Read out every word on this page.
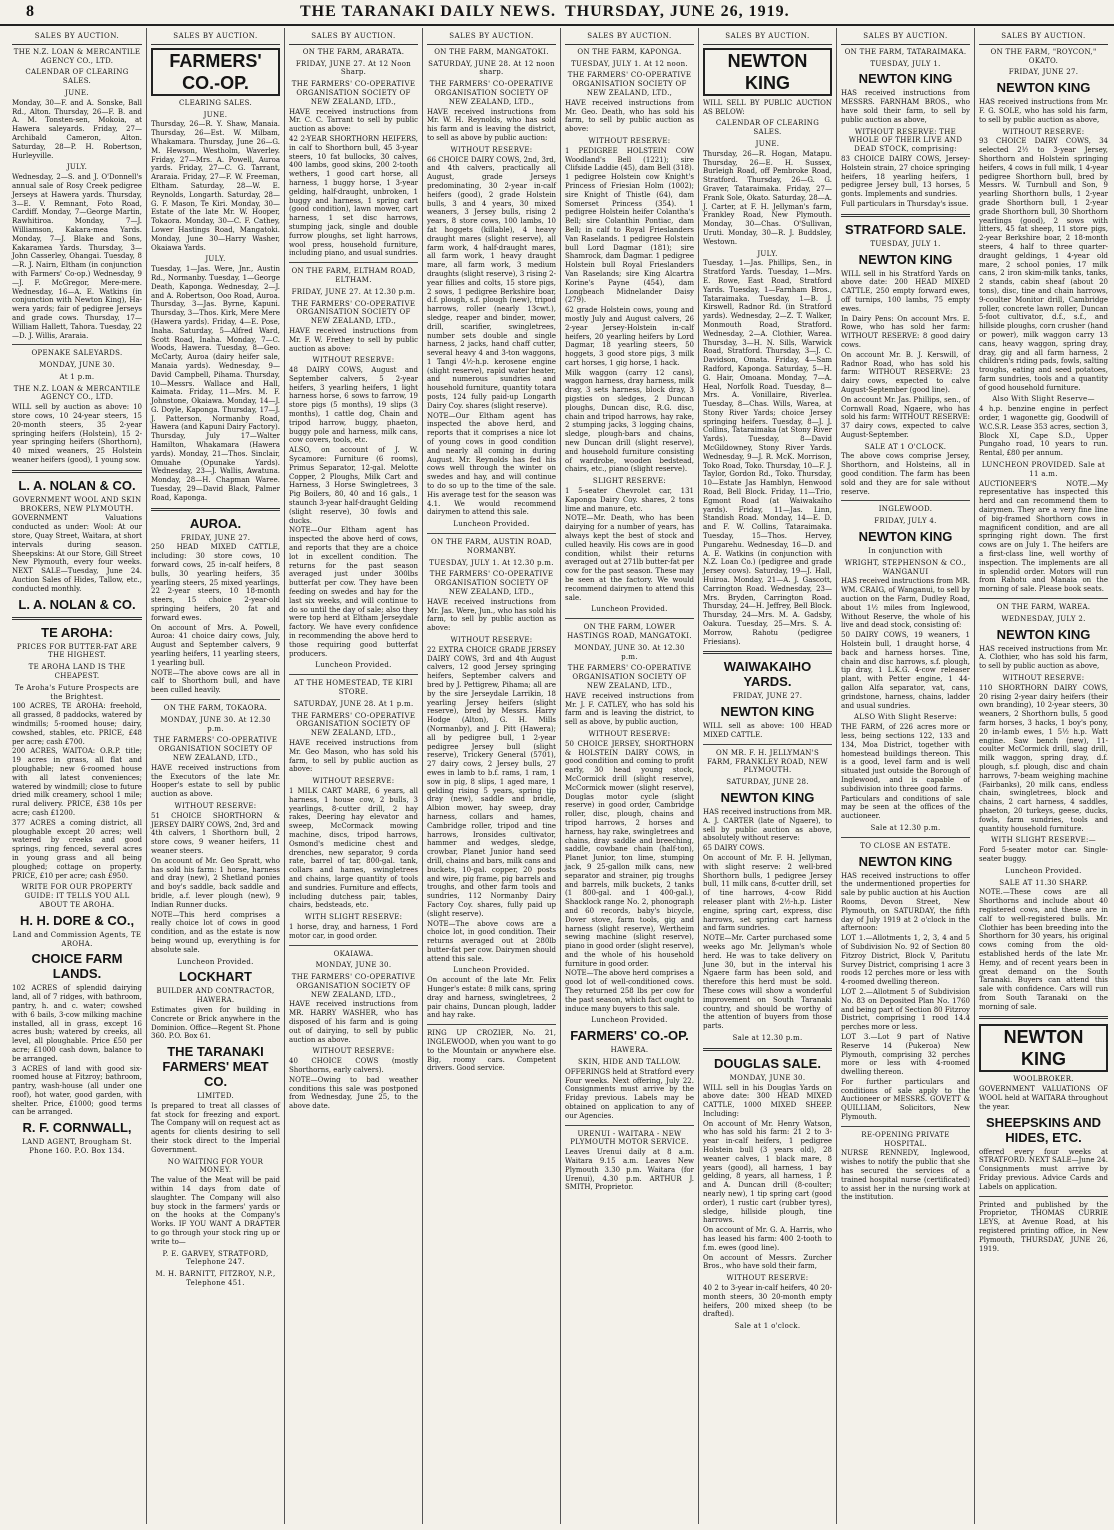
8	THE TARANAKI DAILY NEWS. THURSDAY, JUNE 26, 1919.
SALES BY AUCTION.
THE N.Z. LOAN & MERCANTILE AGENCY CO., LTD.
CALENDAR OF CLEARING SALES.
JUNE.

Monday, 30—F. and A. Sonske, Ball Rd., Alton. Thursday, 26—F. B. and A. M. Tonsten-sen, Mokoia, at Hawera saleyards. Friday, 27—Archibald Cameron, Alton. Saturday, 28—P. H. Robertson, Hurleyville.

JULY.

Wednesday, 2—S. and J. O'Donnell's annual sale of Rosy Creek pedigree Jerseys at Hawera yards. Thursday, 3—E. V. Remnant, Foto Road, Cardiff. Monday, 7—George Martin, Rawhitiroa. Monday, 7—J. Williamson, Kakara-mea Yards. Monday, 7—J. Blake and Sons, Kakaramea Yards. Thursday, 3—John Casserley, Ohangai. Tuesday, 8—R. J. Nairn, Eltham (in conjunction with Farmers' Co-op.) Wednesday, 9—J. F. McGregor, Mere-mere. Wednesday, 16—A. E. Watkins (in conjunction with Newton King), Ha-wera yards; fair of pedigree Jerseys and grade cows. Thursday, 17—William Hallett, Tahora. Tuesday, 22—D. J. Willis, Araraia.

OPENAKE SALEYARDS.
MONDAY, JUNE 30.
At 1 p.m.
THE N.Z. LOAN & MERCANTILE AGENCY CO., LTD.

WILL sell by auction as above: 10 store cows, 10 24-year steers, 15 20-month steers, 35 2-year springing heifers (Holstein), 15 2-year springing heifers (Shorthorn), 40 mixed weaners, 25 Holstein weaner heifers (good), 1 young sow.

L. A. NOLAN & CO.
GOVERNMENT WOOL AND SKIN BROKERS, NEW PLYMOUTH.

GOVERNMENT Valuations conducted as under: Wool: At our store, Quay Street, Waitara, at short intervals during season. Sheepskins: At our Store, Gill Street New Plymouth, every four weeks. NEXT SALE—Tuesday, June 24. Auction Sales of Hides, Tallow, etc., conducted monthly.

L. A. NOLAN & CO.
TE AROHA:
PRICES FOR BUTTER-FAT ARE THE HIGHEST.
TE AROHA LAND IS THE CHEAPEST.
Te Aroha's Future Prospects are the Brightest.

100 ACRES, TE AROHA: freehold, all grassed, 8 paddocks, watered by windmills; 5-roomed house; dairy, cowshed, stables, etc. PRICE, £48 per acre; cash £700.

200 ACRES, WAITOA: O.R.P. title; 19 acres in grass, all flat and ploughable; new 6-roomed house with all latest conveniences; watered by windmill; close to future dried milk creamery, school 1 mile; rural delivery. PRICE, £38 10s per acre; cash £1200.

377 ACRES a coming district, all ploughable except 20 acres; well watered by creeks and good springs, ring fenced, several acres in young grass and all being ploughed; cottage on property. PRICE, £10 per acre; cash £950.

WRITE FOR OUR PROPERTY GUIDE: IT TELLS YOU ALL ABOUT TE AROHA.
H. H. DORE & CO.,
Land and Commission Agents, TE AROHA.
CHOICE FARM LANDS.

102 ACRES of splendid dairying land, all of 7 ridges, with bathroom, pantry, h. and c. water; cowshed with 6 bails, 3-cow milking machine installed, all in grass, except 16 acres bush; watered by creeks, all level, all ploughable. Price £50 per acre; £1000 cash down, balance to be arranged.

3 ACRES of land with good six-roomed house at Fitzroy; bathroom, pantry, wash-house (all under one roof), hot water, good garden, with shelter. Price, £1000; good terms can be arranged.

R. F. CORNWALL,
LAND AGENT, Brougham St. Phone 160. P.O. Box 134.
SALES BY AUCTION.
FARMERS' CO.-OP.
CLEARING SALES.
JUNE.

Thursday, 26—R. Y. Shaw, Manaia. Thursday, 26—Est. W. Milbam, Whakamara. Thursday, June 26—G. M. Hewson, Westholm, Waverley. Friday, 27—Mrs. A. Powell, Auroa yards. Friday, 27—C. G. Tarrant, Araraia. Friday, 27—F. W. Freeman, Eltham. Saturday, 28—W. E. Reynolds, Longarth. Saturday, 28—G. F. Mason, Te Kiri. Monday, 30—Estate of the late Mr. W. Hooper, Tokaora. Monday, 30—C. F. Cathey, Lower Hastings Road, Mangatoki. Monday, June 30—Harry Washer, Okaiawa Yards.

JULY.

Tuesday, 1—Jas. Were, Jnr., Austin Rd., Normanby. Tuesday, 1—George Death, Kaponga. Wednesday, 2—J. and A. Robertson, Ooo Road, Auroa. Thursday, 3—Jas. Byrne, Kapuni. Thursday, 3—Thos. Kirk, Mere Mere (Hawera yards). Friday, 4—E. Pose, Inaha. Saturday, 5—Alfred Ward, Scott Road, Inaha. Monday, 7—C. Woods, Hawera. Tuesday, 8—Geo. McCarty, Auroa (dairy heifer sale, Manaia yards). Wednesday, 9—David Campbell, Pihama. Thursday, 10—Messrs. Wallace and Hall, Kaimata. Friday, 11—Mrs. M. F. Johnstone, Okaiawa. Monday, 14—J. G. Doyle, Kaponga. Thursday, 17—J. J. Patterson, Normanby Road, Hawera (and Kapuni Dairy Factory). Thursday, July 17—Walter Hamilton, Whakamara (Hawera yards). Monday, 21—Thos. Sinclair, Omuahe (Opunake Yards). Wednesday, 23—J. Wallis, Awatuna. Monday, 28—H. Chapman Waree. Tuesday, 29—David Black, Palmer Road, Kaponga.

AUROA.
FRIDAY, JUNE 27.

250 HEAD MIXED CATTLE, including: 30 store cows, 10 forward cows, 25 in-calf heifers, 8 bulls, 30 yearling heifers, 35 yearling steers, 25 mixed yearlings, 22 2-year steers, 10 18-month steers, 15 choice 2-year-old springing heifers, 20 fat and forward ewes.

On account of Mrs. A. Powell, Auroa: 41 choice dairy cows, July, August and September calvers, 9 yearling heifers, 11 yearling steers, 1 yearling bull.

NOTE—The above cows are all in calf to Shorthorn bull, and have been culled heavily.

ON THE FARM, TOKAORA.
MONDAY, JUNE 30. At 12.30 p.m.
THE FARMERS' CO-OPERATIVE ORGANISATION SOCIETY OF NEW ZEALAND, LTD.,

HAVE received instructions from the Executors of the late Mr. Hooper's estate to sell by public auction as above.

WITHOUT RESERVE:

51 CHOICE SHORTHORN & JERSEY DAIRY COWS, 2nd, 3rd and 4th calvers, 1 Shorthorn bull, 2 store cows, 9 weaner heifers, 11 weaner steers.

On account of Mr. Geo Spratt, who has sold his farm: 1 horse, harness and dray (new), 2 Shetland ponies and boy's saddle, back saddle and bridle, a.f. lever plough (new), 9 Indian Runner ducks.

NOTE—This herd comprises a really choice lot of cows in good condition, and as the estate is now being wound up, everything is for absolute sale.

Luncheon Provided.
LOCKHART
BUILDER AND CONTRACTOR, HAWERA.

Estimates given for building in Concrete or Brick anywhere in the Dominion. Office—Regent St. Phone 360. P.O. Box 61.

THE TARANAKI FARMERS' MEAT CO.
LIMITED.

Is prepared to treat all classes of fat stock for freezing and export. The Company will on request act as agents for clients desiring to sell their stock direct to the Imperial Government.

NO WAITING FOR YOUR MONEY.

The value of the Meat will be paid within 14 days from date of slaughter. The Company will also buy stock in the farmers' yards or on the hooks at the Company's Works. IF YOU WANT A DRAFTER to go through your stock ring up or write to—

P. E. GARVEY, STRATFORD, Telephone 247.
M. H. BARNITT, FITZROY, N.P., Telephone 451.
SALES BY AUCTION.
ON THE FARM, ARARATA.
FRIDAY, JUNE 27. At 12 Noon Sharp.
THE FARMERS' CO-OPERATIVE ORGANISATION SOCIETY OF NEW ZEALAND, LTD.,

HAVE received instructions from Mr. C. C. Tarrant to sell by public auction as above:

42 2-YEAR SHORTHORN HEIFERS, in calf to Shorthorn bull, 45 3-year steers, 10 fat bullocks, 30 calves, 400 lambs, good skins, 200 2-tooth wethers, 1 good cart horse, all harness, 1 buggy horse, 1 3-year gelding, half-draught, unbroken, 1 buggy and harness, 1 spring cart (good condition), lawn mower, cart harness, 1 set disc harrows, stumping jack, single and double furrow ploughs, set light harrows, wool press, household furniture, including piano, and usual sundries.

ON THE FARM, ELTHAM ROAD, ELTHAM.
FRIDAY, JUNE 27. At 12.30 p.m.
THE FARMERS' CO-OPERATIVE ORGANISATION SOCIETY OF NEW ZEALAND, LTD.,

HAVE received instructions from Mr. F. W. Frethey to sell by public auction as above:

WITHOUT RESERVE:

48 DAIRY COWS, August and September calvers, 5 2-year heifers, 3 yearling heifers, 1 light harness horse, 6 sows to farrow, 19 store pigs (5 months), 19 slips (3 months), 1 cattle dog, Chain and tripod harrow, buggy, phaeton, buggy pole and harness, milk cans, cow covers, tools, etc.

ALSO, on account of J. W. Sycamore: Furniture (6 rooms), Primus Separator, 12-gal. Melotte Copper, 2 Ploughs, Milk Cart and Harness, 3 Horse Swingletrees, 3 Pig Boilers, 80, 40 and 16 gals., 1 staunch 3-year half-draught Gelding (slight reserve), 30 fowls and ducks.

NOTE—Our Eltham agent has inspected the above herd of cows, and reports that they are a choice lot in excellent condition. The returns for the past season averaged just under 300lbs butterfat per cow. They have been feeding on swedes and hay for the last six weeks, and will continue to do so until the day of sale; also they were top herd at Eltham Jerseydale factory. We have every confidence in recommending the above herd to those requiring good butterfat producers.

Luncheon Provided.
AT THE HOMESTEAD, TE KIRI STORE.
SATURDAY, JUNE 28. At 1 p.m.
THE FARMERS' CO-OPERATIVE ORGANISATION SOCIETY OF NEW ZEALAND, LTD.,

HAVE received instructions from Mr. Geo Mason, who has sold his farm, to sell by public auction as above:

WITHOUT RESERVE:

1 MILK CART MARE, 6 years, all harness, 1 house cow, 2 bulls, 3 yearlings, 8-cutter drill, 2 hay rakes, Deering hay elevator and sweep, McCormack mowing machine, discs, tripod harrows, Osmond's medicine chest and drenches, new separator, 9 corda rate, barrel of tar, 800-gal. tank, collars and hames, swingletrees and chains, large quantity of tools and sundries. Furniture and effects, including dutchess pair, tables, chairs, bedsteads, etc.

WITH SLIGHT RESERVE:

1 horse, dray, and harness, 1 Ford motor car, in good order.

OKAIAWA.
MONDAY, JUNE 30.
THE FARMERS' CO-OPERATIVE ORGANISATION SOCIETY OF NEW ZEALAND, LTD.,

HAVE received instructions from MR. HARRY WASHER, who has disposed of his farm and is going out of dairying, to sell by public auction as above.

WITHOUT RESERVE:

40 CHOICE COWS (mostly Shorthorns, early calvers).

NOTE—Owing to bad weather conditions this sale was postponed from Wednesday, June 25, to the above date.

SALES BY AUCTION.
ON THE FARM, MANGATOKI.
SATURDAY, JUNE 28. At 12 noon sharp.
THE FARMERS' CO-OPERATIVE ORGANISATION SOCIETY OF NEW ZEALAND, LTD.,

HAVE received instructions from Mr. W. H. Reynolds, who has sold his farm and is leaving the district, to sell as above by public auction:

WITHOUT RESERVE:

66 CHOICE DAIRY COWS, 2nd, 3rd, and 4th calvers, practically all August, grade Jerseys predominating, 30 2-year in-calf heifers (good), 2 grade Holstein bulls, 3 and 4 years, 30 mixed weaners, 3 Jersey bulls, rising 2 years, 8 store cows, 100 lambs, 10 fat hoggets (killable), 4 heavy draught mares (slight reserve), all farm work, 4 half-draught mares, all farm work, 1 heavy draught mare, all farm work, 3 medium draughts (slight reserve), 3 rising 2-year fillies and colts, 15 store pigs, 2 sows, 1 pedigree Berkshire boar, d.f. plough, s.f. plough (new), tripod harrows, roller (nearly 13cwt.), sledge, reaper and binder, mower, drill, scarifier, swingletrees, number sets double and single harness, 2 jacks, hand chaff cutter, several heavy 4 and 3-ton waggons, 1 Tangi 4½-h.p. kerosene engine (slight reserve), rapid water heater, and numerous sundries and household furniture, quantity totara posts, 124 fully paid-up Longarth Dairy Coy. shares (slight reserve).

NOTE—Our Eltham agent has inspected the above herd, and reports that it comprises a nice lot of young cows in good condition and nearly all coming in during August. Mr. Reynolds has fed his cows well through the winter on swedes and hay, and will continue to do so up to the time of the sale. His average test for the season was 4.1. We would recommend dairymen to attend this sale.

Luncheon Provided.
ON THE FARM, AUSTIN ROAD, NORMANBY.
TUESDAY, JULY 1. At 12.30 p.m.
THE FARMERS' CO-OPERATIVE ORGANISATION SOCIETY OF NEW ZEALAND, LTD.,

HAVE received instructions from Mr. Jas. Were, Jun., who has sold his farm, to sell by public auction as above:

WITHOUT RESERVE:

22 EXTRA CHOICE GRADE JERSEY DAIRY COWS, 3rd and 4th August calvers, 12 good Jersey springing heifers, September calvers and bred by J. Pettigrew, Pihama; all are by the sire Jerseydale Larrikin, 18 yearling Jersey heifers (slight reserve), bred by Messrs. Harry Hodge (Alton), G. H. Mills (Normanby), and J. Pitt (Hawera); all by pedigree bull, 1 2-year pedigree Jersey bull (slight reserve), Trickery General (5701), 27 dairy cows, 2 Jersey bulls, 27 ewes in lamb to b.f. rams, 1 ram, 1 sow in pig, 8 slips, 1 aged mare, 1 gelding rising 5 years, spring tip dray (new), saddle and bridle, Albion mower, hay sweep, dray harness, collars and hames, Cambridge roller, tripod and tine harrows, Ironsides cultivator, hammer and wedges, sledge, crowbar, Planet Junior hand seed drill, chains and bars, milk cans and buckets, 10-gal. copper, 20 posts and wire, pig frame, pig barrels and troughs, and other farm tools and sundries, 112 Normanby Dairy Factory Coy. shares, fully paid up (slight reserve).

NOTE—The above cows are a choice lot, in good condition. Their returns averaged out at 280lb butter-fat per cow. Dairymen should attend this sale.

Luncheon Provided.

On account of the late Mr. Felix Hunger's estate: 8 milk cans, spring dray and harness, swingletrees, 2 pair chains, Duncan plough, ladder and hay rake.

RING UP CROZIER, No. 21, INGLEWOOD, when you want to go to the Mountain or anywhere else. Big, roomy cars. Competent drivers. Good service.

SALES BY AUCTION.
ON THE FARM, KAPONGA.
TUESDAY, JULY 1. At 12 noon.
THE FARMERS' CO-OPERATIVE ORGANISATION SOCIETY OF NEW ZEALAND, LTD.,

HAVE received instructions from Mr. Geo. Death, who has sold his farm, to sell by public auction as above:

WITHOUT RESERVE:

1 PEDIGREE HOLSTEIN COW Woodland's Bell (1221); sire Clifside Laddie (45), dam Bell (318). 1 pedigree Holstein cow Knight's Princess of Friesian Holm (1002); sire Knight of Thistle (64), dam Somerset Princess (354). 1 pedigree Holstein heifer Colantha's Bell; sire Colanthin Pontiac, dam Bell; in calf to Royal Frieslanders Van Raselands. 1 pedigree Holstein bull Lord Dagmar (181); sire Shamrock, dam Dagmar. 1 pedigree Holstein bull Royal Frieslanders Van Raselands; sire King Alcartra Korine's Payne (454), dam Longbeach Midnelander Daisy (279).

62 grade Holstein cows, young and mostly July and August calvers, 26 2-year Jersey-Holstein in-calf heifers, 20 yearling heifers by Lord Dagmar, 18 yearling steers, 50 hoggets, 3 good store pigs, 3 milk cart horses, 1 gig horse, 1 hack.

Milk waggon (carry 12 cans), waggon harness, dray harness, milk dray, 3 sets harness, block dray, 3 pigsties on sledges, 2 Duncan ploughs, Duncan disc, R.G. disc, chain and tripod harrows, hay rake, 2 stumping jacks, 3 logging chains, sledge, plough-bars and chains, new Duncan drill (slight reserve), and household furniture consisting of wardrobe, wooden bedstead, chairs, etc., piano (slight reserve).

SLIGHT RESERVE:

1 5-seater Chevrolet car, 131 Kaponga Dairy Coy. shares, 2 tons lime and manure, etc.

NOTE—Mr. Death, who has been dairying for a number of years, has always kept the best of stock and culled heavily. His cows are in good condition, whilst their returns averaged out at 271lb butter-fat per cow for the past season. These may be seen at the factory. We would recommend dairymen to attend this sale.

Luncheon Provided.
ON THE FARM, LOWER HASTINGS ROAD, MANGATOKI.
MONDAY, JUNE 30. At 12.30 p.m.
THE FARMERS' CO-OPERATIVE ORGANISATION SOCIETY OF NEW ZEALAND, LTD.,

HAVE received instructions from Mr. J. F. CATLEY, who has sold his farm and is leaving the district, to sell as above, by public auction,

WITHOUT RESERVE:

50 CHOICE JERSEY, SHORTHORN & HOLSTEIN DAIRY COWS, in good condition and coming to profit early, 30 head young stock, McCormick drill (slight reserve), McCormick mower (slight reserve), Douglas motor cycle (slight reserve) in good order, Cambridge roller, disc, plough, chains and tripod harrows, 2 horses and harness, hay rake, swingletrees and chains, dray saddle and breeching, saddle, cowbane chain (half-ton), Planet Junior, ton lime, stumping jack, 9 25-gallon milk cans, new separator and strainer, pig troughs and barrels, milk buckets, 2 tanks (1 800-gal. and 1 400-gal.), Shacklock range No. 2, phonograph and 60 records, baby's bicycle, Dover stove, farm tools, gig and harness (slight reserve), Wertheim sewing machine (slight reserve), piano in good order (slight reserve), and the whole of his household furniture in good order.

NOTE—The above herd comprises a good lot of well-conditioned cows. They returned 258 lbs per cow for the past season, which fact ought to induce many buyers to this sale.

Luncheon Provided.
FARMERS' CO.-OP.
HAWERA.
SKIN, HIDE AND TALLOW.

OFFERINGS held at Stratford every Four weeks. Next offering, July 22. Consignments must arrive by the Friday previous. Labels may be obtained on application to any of our Agencies.

URENUI - WAITARA - NEW PLYMOUTH MOTOR SERVICE.

Leaves Urenui daily at 8 a.m. Waitara 9.15 a.m. Leaves New Plymouth 3.30 p.m. Waitara (for Urenui), 4.30 p.m. ARTHUR J. SMITH, Proprietor.

SALES BY AUCTION.
NEWTON KING

WILL SELL BY PUBLIC AUCTION AS BELOW:

CALENDAR OF CLEARING SALES.
JUNE.

Thursday, 26—R. Hogan, Matapu. Thursday, 26—E. H. Sussex, Burleigh Road, off Pembroke Road, Stratford. Thursday, 26—G. G. Graver, Tataraimaka. Friday, 27—Frank Sole, Okato. Saturday, 28—A. J. Carter, at F. H. Jellyman's farm, Frankley Road, New Plymouth. Monday, 30—Chas. O'Sullivan, Uruti. Monday, 30—R. J. Buddsley, Westown.

JULY.

Tuesday, 1—Jas. Phillips, Sen., in Stratford Yards. Tuesday, 1—Mrs. E. Rowe, East Road, Stratford Yards. Tuesday, 1—Farnham Bros., Tataraimaka. Tuesday, 1—B. J. Kirswell, Radnor Rd. (in Stratford yards). Wednesday, 2—Z. T. Walker, Monmouth Road, Stratford. Wednesday, 2—A. Clothier, Warea. Thursday, 3—H. N. Sills, Warwick Road, Stratford. Thursday, 3—J. C. Davidson, Omata. Friday, 4—Sam Radford, Kaponga. Saturday, 5—H. G. Hair, Omoana. Monday, 7—A. Heal, Norfolk Road. Tuesday, 8—Mrs. A. Vonillaire, Riverlea. Tuesday, 8—Chas. Wills, Warea, at Stony River Yards; choice Jersey springing heifers. Tuesday, 8—J. J. Collins, Tataraimaka (at Stony River Yards). Tuesday, 8—David McGildowney, Stony River Yards. Wednesday, 9—J. R. McK. Morrison, Toko Road, Toko. Thursday, 10—F. J. Taylor, Gordon Rd., Toko. Thursday, 10—Estate Jas Hamblyn, Henwood Road, Bell Block. Friday, 11—Trio, Egmont Road (at Waiwakaiho yards). Friday, 11—Jas. Linn, Standish Road. Monday, 14—E. D. and F. W. Collins, Tataraimaka. Tuesday, 15—Thos. Hervey, Pungarehu. Wednesday, 16—D. and A. E. Watkins (in conjunction with N.Z. Loan Co.) (pedigree and grade Jersey cows). Saturday, 19—J. Hall, Huiroa. Monday, 21—A. J. Gascott, Carrington Road. Wednesday, 23—Mrs. Bryden, Carrington Road. Thursday, 24—H. Jeffrey, Bell Block. Thursday, 24—Mrs. M. A. Gadsby, Oakura. Tuesday, 25—Mrs. S. A. Morrow, Rahotu (pedigree Friesians).

WAIWAKAIHO YARDS.
FRIDAY, JUNE 27.
NEWTON KING

WILL sell as above: 100 HEAD MIXED CATTLE.

ON MR. F. H. JELLYMAN'S FARM, FRANKLEY ROAD, NEW PLYMOUTH.
SATURDAY, JUNE 28.
NEWTON KING

HAS received instructions from MR. A. J. CARTER (late of Ngaere), to sell by public auction as above, absolutely without reserve:

65 DAIRY COWS.

On account of Mr. F. H. Jellyman, with slight reserve: 2 well-bred Shorthorn bulls, 1 pedigree Jersey bull, 11 milk cans, 8-cutter drill, set of tine harrows, 4-cow Ridd releaser plant with 2½-h.p. Lister engine, spring cart, express, disc harrows, set spring cart harness and farm sundries.

NOTE—Mr. Carter purchased some weeks ago Mr. Jellyman's whole herd. He was to take delivery on June 30, but in the interval his Ngaere farm has been sold, and therefore this herd must be sold. These cows will show a wonderful improvement on South Taranaki country, and should be worthy of the attention of buyers from those parts.

Sale at 12.30 p.m.
DOUGLAS SALE.
MONDAY, JUNE 30.

WILL sell in his Douglas Yards on above date: 300 HEAD MIXED CATTLE, 1000 MIXED SHEEP. Including:

On account of Mr. Henry Watson, who has sold his farm: 21 2 to 3-year in-calf heifers, 1 pedigree Holstein bull (3 years old), 28 weaner calves, 1 black mare, 8 years (good), all harness, 1 bay gelding, 8 years, all harness, 1 P. and A. Duncan drill (8-coulter; nearly new), 1 tip spring cart (good order), 1 rustic cart (rubber tyres), sledge, hillside plough, tine harrows.

On account of Mr. G. A. Harris, who has leased his farm: 400 2-tooth to f.m. ewes (good line).

On account of Messrs. Zurcher Bros., who have sold their farm,

WITHOUT RESERVE:

40 2 to 3-year in-calf heifers, 40 20-month steers, 30 20-month empty heifers, 200 mixed sheep (to be drafted).

Sale at 1 o'clock.
SALES BY AUCTION.
ON THE FARM, TATARAIMAKA.
TUESDAY, JULY 1.
NEWTON KING

HAS received instructions from MESSRS. FARNHAM BROS., who have sold their farm, to sell by public auction as above,

WITHOUT RESERVE: THE WHOLE OF THEIR LIVE AND DEAD STOCK, comprising:

83 CHOICE DAIRY COWS, Jersey-Holstein strain, 27 choice springing heifers, 18 yearling heifers, 1 pedigree Jersey bull, 13 horses, 5 gonts. Implements and sundries.

Full particulars in Thursday's issue.

STRATFORD SALE.
TUESDAY, JULY 1.
NEWTON KING

WILL sell in his Stratford Yards on above date: 200 HEAD MIXED CATTLE, 250 empty forward ewes, off turnips, 100 lambs, 75 empty ewes.

In Dairy Pens: On account Mrs. E. Rowe, who has sold her farm: WITHOUT RESERVE: 8 good dairy cows.

On account Mr. B. J. Kerswill, of Radnor Road, who has sold his farm: WITHOUT RESERVE: 23 dairy cows, expected to calve August-September (good line).

On account Mr. Jas. Phillips, sen., of Cornwall Road, Ngaere, who has sold his farm: WITHOUT RESERVE: 37 dairy cows, expected to calve August-September.

SALE AT 1 O'CLOCK.

The above cows comprise Jersey, Shorthorn, and Holsteins, all in good condition. The farm has been sold and they are for sale without reserve.

INGLEWOOD.
FRIDAY, JULY 4.
NEWTON KING
In conjunction with
WRIGHT, STEPHENSON & CO., WANGANUI

HAS received instructions from MR. WM. CRAIG, of Wanganui, to sell by auction on the Farm, Dudley Road, about 1½ miles from Inglewood, Without Reserve, the whole of his live and dead stock, consisting of:

50 DAIRY COWS, 19 weaners, 1 Holstein bull, 1 draught horse, 4 back and harness horses. Tine, chain and disc harrows, s.f. plough, tip dray, 1 L.K.G. 4-cow releaser plant, with Petter engine, 1 44-gallon Alfa separator, vat, cans, grindstone, harness, chains, ladder and usual sundries.

ALSO With Slight Reserve:

THE FARM, of 226 acres more or less, being sections 122, 133 and 134, Moa District, together with homestead buildings thereon. This is a good, level farm and is well situated just outside the Borough of Inglewood, and is capable of subdivision into three good farms.

Particulars and conditions of sale may be seen at the offices of the auctioneer.

Sale at 12.30 p.m.
TO CLOSE AN ESTATE.
NEWTON KING

HAS received instructions to offer the undermentioned properties for sale by public auction at his Auction Rooms, Devon Street, New Plymouth, on SATURDAY, the fifth day of July 1919 at 2 o'clock in the afternoon:

LOT 1.—Allotments 1, 2, 3, 4 and 5 of Subdivision No. 92 of Section 80 Fitzroy District, Block V, Paritutu Survey District, comprising 1 acre 3 roods 12 perches more or less with 4-roomed dwelling thereon.

LOT 2.—Allotment 5 of Subdivision No. 83 on Deposited Plan No. 1760 and being part of Section 80 Fitzroy District, comprising 1 rood 14.4 perches more or less.

LOT 3.—Lot 9 part of Native Reserve 14 (Pukeroa) New Plymouth, comprising 32 perches more or less with 4-roomed dwelling thereon.

For further particulars and conditions of sale apply to the Auctioneer or MESSRS. GOVETT & QUILLIAM, Solicitors, New Plymouth.

RE-OPENING PRIVATE HOSPITAL.

NURSE RENNEDY, Inglewood, wishes to notify the public that she has secured the services of a trained hospital nurse (certificated) to assist her in the nursing work at the institution.

SALES BY AUCTION.
ON THE FARM, "ROYCON," OKATO.
FRIDAY, JUNE 27.
NEWTON KING

HAS received instructions from Mr. F. G. SOLE, who has sold his farm, to sell by public auction as above,

WITHOUT RESERVE:

93 CHOICE DAIRY COWS, 34 selected 2½ to 3-year Jersey, Shorthorn and Holstein springing heifers, 4 cows in full milk, 1 4-year pedigree Shorthorn bull, bred by Messrs. W. Turnbull and Son, 9 yearling Shorthorn bulls, 1 2-year grade Shorthorn bull, 1 2-year grade Shorthorn bull, 30 Shorthorn yearlings (good), 2 sows with litters, 45 fat sheep, 11 store pigs, 2-year Berkshire boar, 2 18-month steers, 4 half to three quarter-draught geldings, 1 4-year old mare, 2 school ponies, 17 milk cans, 2 iron skim-milk tanks, tanks, 2 stands, cabin sheaf (about 20 tons), disc, tine and chain harrows, 9-coulter Monitor drill, Cambridge roller, concrete lawn roller, Duncan 5-foot cultivator, d.f., s.f., and hillside ploughs, corn crusher (hand or power), milk waggon carry 13 cans, heavy waggon, spring dray, dray, gig and all farm harness, 2 children's riding pads, fowls, salting troughs, eating and seed potatoes, farm sundries, tools and a quantity of good household furniture.

Also With Slight Reserve—

4 h.p. benzine engine in perfect order, 1 wagonette gig, Goodwill of W.C.S.R. Lease 353 acres, section 3, Block XI, Cape S.D., Upper Pungaho road, 10 years to run. Rental, £80 per annum.

LUNCHEON PROVIDED. Sale at 11 a.m.

AUCTIONEER'S NOTE.—My representative has inspected this herd and can recommend them to dairymen. They are a very fine line of big-framed Shorthorn cows in magnificent condition, and are all springing right down. The first cows are on July 1. The heifers are a first-class line, well worthy of inspection. The implements are all in splendid order. Motors will run from Rahotu and Manaia on the morning of sale. Please book seats.

ON THE FARM, WAREA.
WEDNESDAY, JULY 2.
NEWTON KING

HAS received instructions from Mr. A. Clothier, who has sold his farm, to sell by public auction as above,

WITHOUT RESERVE:

110 SHORTHORN DAIRY COWS, 20 rising 2-year dairy heifers (their own branding), 10 2-year steers, 30 weaners, 2 Shorthorn bulls, 5 good farm horses, 3 hacks, 1 boy's pony, 20 in-lamb ewes, 1 5½ h.p. Watt engine. Saw bench (new), 11-coulter McCormick drill, slag drill, milk waggon, spring dray, d.f. plough, s.f. plough, disc and chain harrows, 7-beam weighing machine (Fairbanks), 20 milk cans, endless chain, swingletrees, block and chains, 2 cart harness, 4 saddles, phaeton, 20 turkeys, geese, ducks, fowls, farm sundries, tools and quantity household furniture.

WITH SLIGHT RESERVE:—

Ford 5-seater motor car. Single-seater buggy.

Luncheon Provided.
SALE AT 11.30 SHARP.

NOTE.—These cows are all Shorthorns and include about 40 registered cows, and these are in calf to well-registered bulls. Mr. Clothier has been breeding into the Shorthorn for 30 years, his original cows coming from the old-established herds of the late Mr. Hemy, and of recent years been in great demand on the South Taranaki. Buyers can attend this sale with confidence. Cars will run from South Taranaki on the morning of sale.

NEWTON KING
WOOLBROKER.

GOVERNMENT VALUATIONS OF WOOL held at WAITARA throughout the year.

SHEEPSKINS AND HIDES, ETC.

offered every four weeks at STRATFORD. NEXT SALE—June 24. Consignments must arrive by Friday previous. Advice Cards and Labels on application.

Printed and published by the Proprietor, THOMAS CURRIE LEYS, at Avenue Road, at his registered printing office, in New Plymouth, THURSDAY, JUNE 26, 1919.
